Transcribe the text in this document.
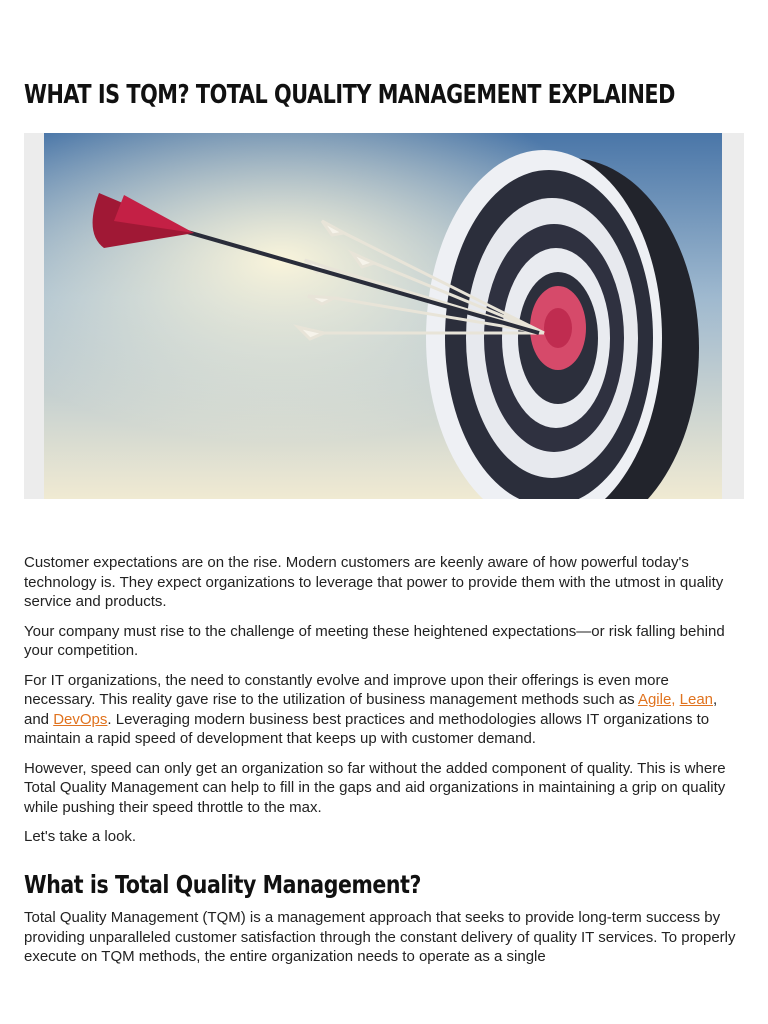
WHAT IS TQM? TOTAL QUALITY MANAGEMENT EXPLAINED

Customer expectations are on the rise. Modern customers are keenly aware of how powerful today's technology is. They expect organizations to leverage that power to provide them with the utmost in quality service and products.

Your company must rise to the challenge of meeting these heightened expectations—or risk falling behind your competition.

For IT organizations, the need to constantly evolve and improve upon their offerings is even more necessary. This reality gave rise to the utilization of business management methods such as Agile, Lean, and DevOps. Leveraging modern business best practices and methodologies allows IT organizations to maintain a rapid speed of development that keeps up with customer demand.

However, speed can only get an organization so far without the added component of quality. This is where Total Quality Management can help to fill in the gaps and aid organizations in maintaining a grip on quality while pushing their speed throttle to the max.

Let's take a look.

What is Total Quality Management?

Total Quality Management (TQM) is a management approach that seeks to provide long-term success by providing unparalleled customer satisfaction through the constant delivery of quality IT services. To properly execute on TQM methods, the entire organization needs to operate as a single
